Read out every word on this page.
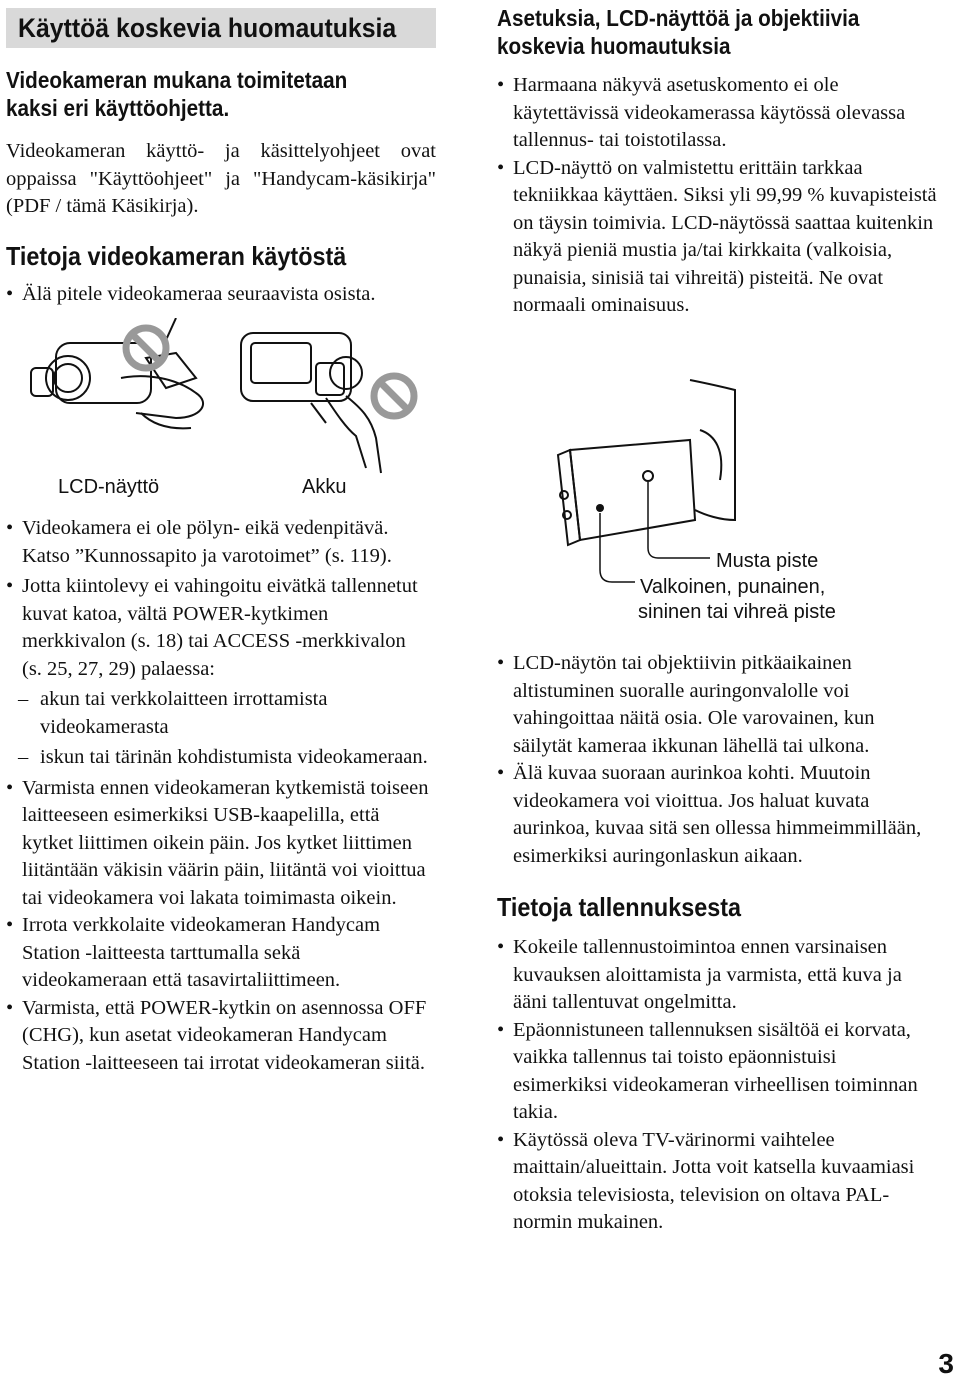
Käyttöä koskevia huomautuksia
Videokameran mukana toimitetaan kaksi eri käyttöohjetta.

Videokameran käyttö- ja käsittelyohjeet ovat oppaissa "Käyttöohjeet" ja "Handycam-käsikirja" (PDF / tämä Käsikirja).

Tietoja videokameran käytöstä
• Älä pitele videokameraa seuraavista osista.
LCD-näyttö	Akku
• Videokamera ei ole pölyn- eikä vedenpitävä. Katso ”Kunnossapito ja varotoimet” (s. 119).
• Jotta kiintolevy ei vahingoitu eivätkä tallennetut kuvat katoa, vältä POWER-kytkimen merkkivalon (s. 18) tai ACCESS -merkkivalon (s. 25, 27, 29) palaessa:
– akun tai verkkolaitteen irrottamista videokamerasta
– iskun tai tärinän kohdistumista videokameraan.
• Varmista ennen videokameran kytkemistä toiseen laitteeseen esimerkiksi USB-kaapelilla, että kytket liittimen oikein päin. Jos kytket liittimen liitäntään väkisin väärin päin, liitäntä voi vioittua tai videokamera voi lakata toimimasta oikein.
• Irrota verkkolaite videokameran Handycam Station -laitteesta tarttumalla sekä videokameraan että tasavirtaliittimeen.
• Varmista, että POWER-kytkin on asennossa OFF (CHG), kun asetat videokameran Handycam Station -laitteeseen tai irrotat videokameran siitä.
Asetuksia, LCD-näyttöä ja objektiivia koskevia huomautuksia
• Harmaana näkyvä asetuskomento ei ole käytettävissä videokamerassa käytössä olevassa tallennus- tai toistotilassa.
• LCD-näyttö on valmistettu erittäin tarkkaa tekniikkaa käyttäen. Siksi yli 99,99 % kuvapisteistä on täysin toimivia. LCD-näytössä saattaa kuitenkin näkyä pieniä mustia ja/tai kirkkaita (valkoisia, punaisia, sinisiä tai vihreitä) pisteitä. Ne ovat normaali ominaisuus.
Musta piste
Valkoinen, punainen,
sininen tai vihreä piste
• LCD-näytön tai objektiivin pitkäaikainen altistuminen suoralle auringonvalolle voi vahingoittaa näitä osia. Ole varovainen, kun säilytät kameraa ikkunan lähellä tai ulkona.
• Älä kuvaa suoraan aurinkoa kohti. Muutoin videokamera voi vioittua. Jos haluat kuvata aurinkoa, kuvaa sitä sen ollessa himmeimmillään, esimerkiksi auringonlaskun aikaan.
Tietoja tallennuksesta
• Kokeile tallennustoimintoa ennen varsinaisen kuvauksen aloittamista ja varmista, että kuva ja ääni tallentuvat ongelmitta.
• Epäonnistuneen tallennuksen sisältöä ei korvata, vaikka tallennus tai toisto epäonnistuisi esimerkiksi videokameran virheellisen toiminnan takia.
• Käytössä oleva TV-värinormi vaihtelee maittain/alueittain. Jotta voit katsella kuvaamiasi otoksia televisiosta, television on oltava PAL-normin mukainen.
3
